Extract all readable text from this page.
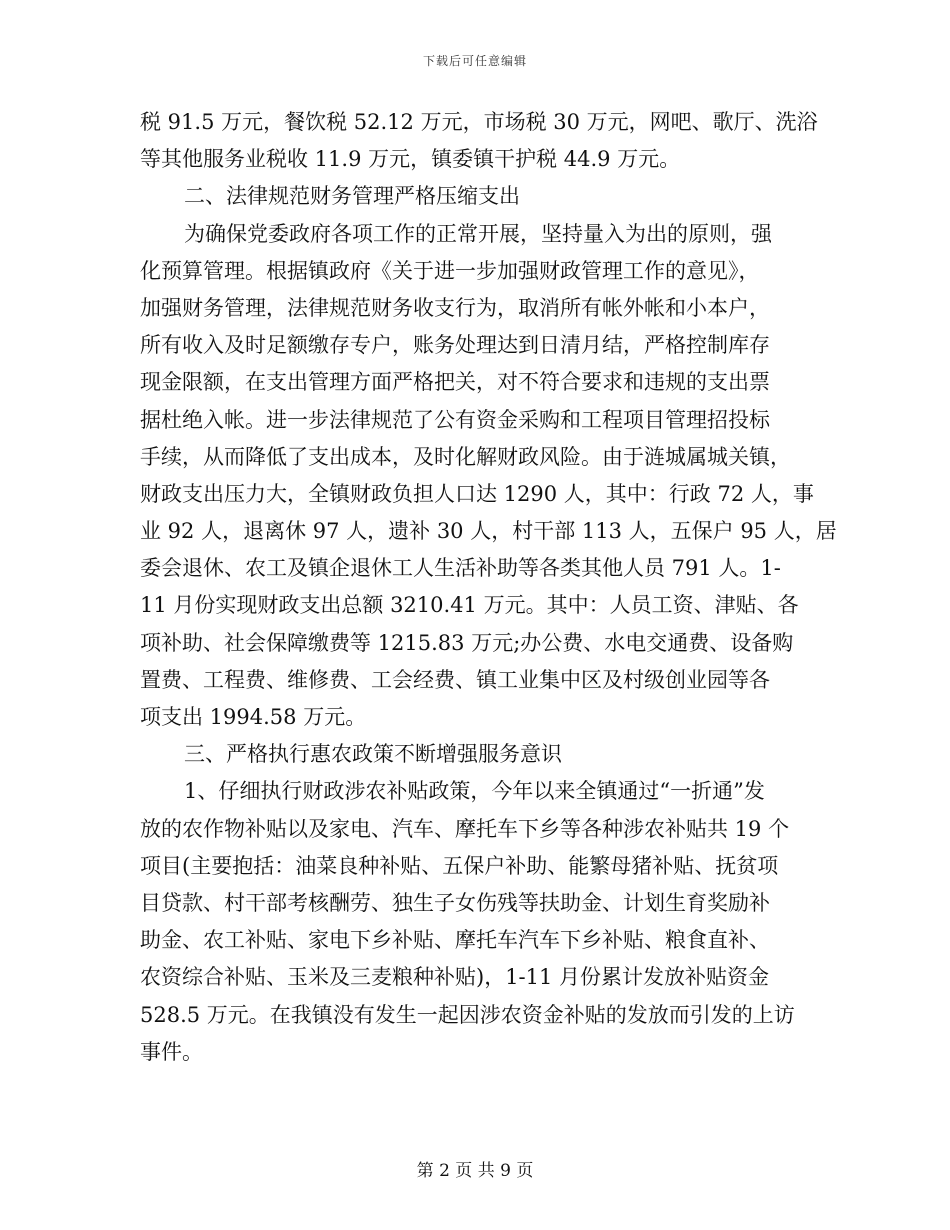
下载后可任意编辑
税 91.5 万元，餐饮税 52.12 万元，市场税 30 万元，网吧、歌厅、洗浴
等其他服务业税收 11.9 万元，镇委镇干护税 44.9 万元。
二、法律规范财务管理严格压缩支出
为确保党委政府各项工作的正常开展，坚持量入为出的原则，强
化预算管理。根据镇政府《关于进一步加强财政管理工作的意见》，
加强财务管理，法律规范财务收支行为，取消所有帐外帐和小本户，
所有收入及时足额缴存专户，账务处理达到日清月结，严格控制库存
现金限额，在支出管理方面严格把关，对不符合要求和违规的支出票
据杜绝入帐。进一步法律规范了公有资金采购和工程项目管理招投标
手续，从而降低了支出成本，及时化解财政风险。由于涟城属城关镇，
财政支出压力大，全镇财政负担人口达 1290 人，其中：行政 72 人，事
业 92 人，退离休 97 人，遗补 30 人，村干部 113 人，五保户 95 人，居
委会退休、农工及镇企退休工人生活补助等各类其他人员 791 人。1-
11 月份实现财政支出总额 3210.41 万元。其中：人员工资、津贴、各
项补助、社会保障缴费等 1215.83 万元;办公费、水电交通费、设备购
置费、工程费、维修费、工会经费、镇工业集中区及村级创业园等各
项支出 1994.58 万元。
三、严格执行惠农政策不断增强服务意识
1、仔细执行财政涉农补贴政策，今年以来全镇通过“一折通”发
放的农作物补贴以及家电、汽车、摩托车下乡等各种涉农补贴共 19 个
项目(主要抱括：油菜良种补贴、五保户补助、能繁母猪补贴、抚贫项
目贷款、村干部考核酬劳、独生子女伤残等扶助金、计划生育奖励补
助金、农工补贴、家电下乡补贴、摩托车汽车下乡补贴、粮食直补、
农资综合补贴、玉米及三麦粮种补贴)，1-11 月份累计发放补贴资金
528.5 万元。在我镇没有发生一起因涉农资金补贴的发放而引发的上访
事件。
第 2 页 共 9 页
